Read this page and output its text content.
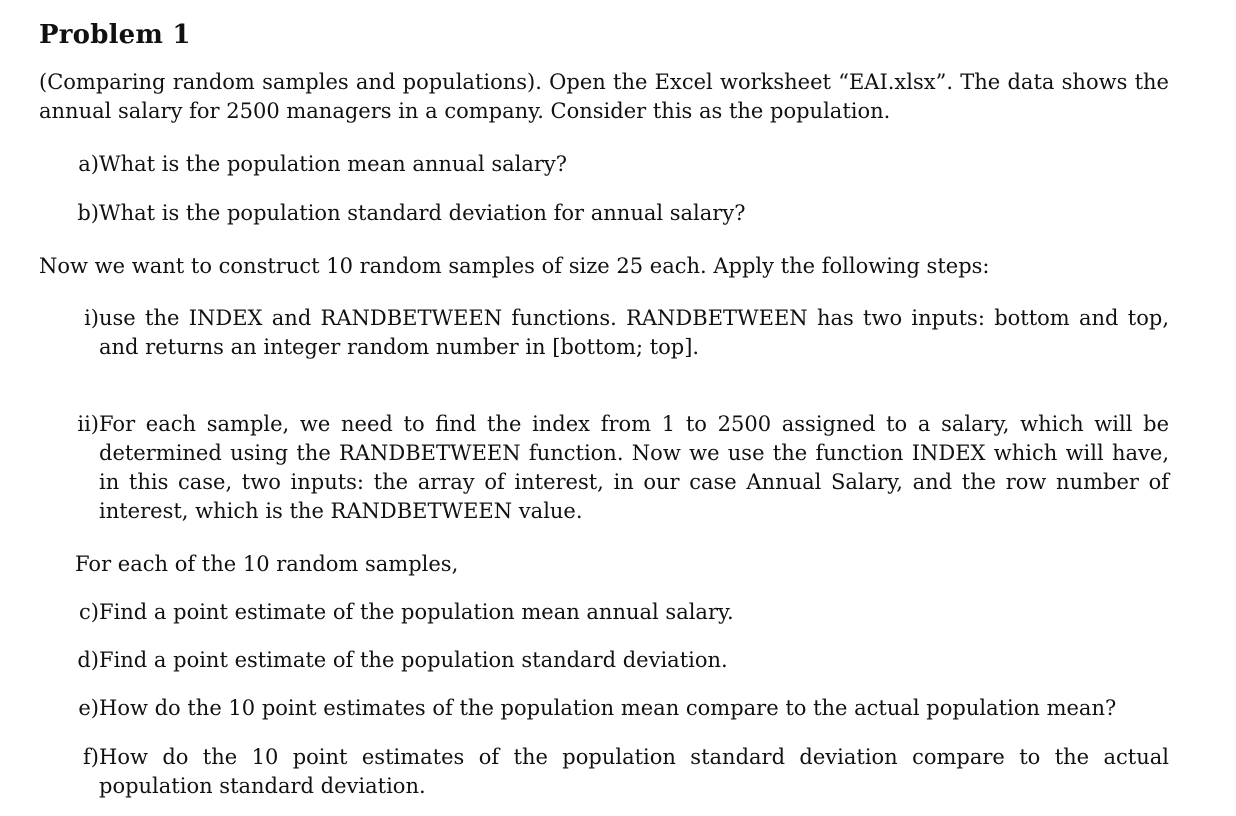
Problem 1
(Comparing random samples and populations). Open the Excel worksheet “EAI.xlsx”. The data shows the annual salary for 2500 managers in a company. Consider this as the population.
a) What is the population mean annual salary?
b) What is the population standard deviation for annual salary?
Now we want to construct 10 random samples of size 25 each. Apply the following steps:
i) use the INDEX and RANDBETWEEN functions. RANDBETWEEN has two inputs: bottom and top, and returns an integer random number in [bottom; top].
ii) For each sample, we need to find the index from 1 to 2500 assigned to a salary, which will be determined using the RANDBETWEEN function. Now we use the function INDEX which will have, in this case, two inputs: the array of interest, in our case Annual Salary, and the row number of interest, which is the RANDBETWEEN value.
For each of the 10 random samples,
c) Find a point estimate of the population mean annual salary.
d) Find a point estimate of the population standard deviation.
e) How do the 10 point estimates of the population mean compare to the actual population mean?
f) How do the 10 point estimates of the population standard deviation compare to the actual population standard deviation.
